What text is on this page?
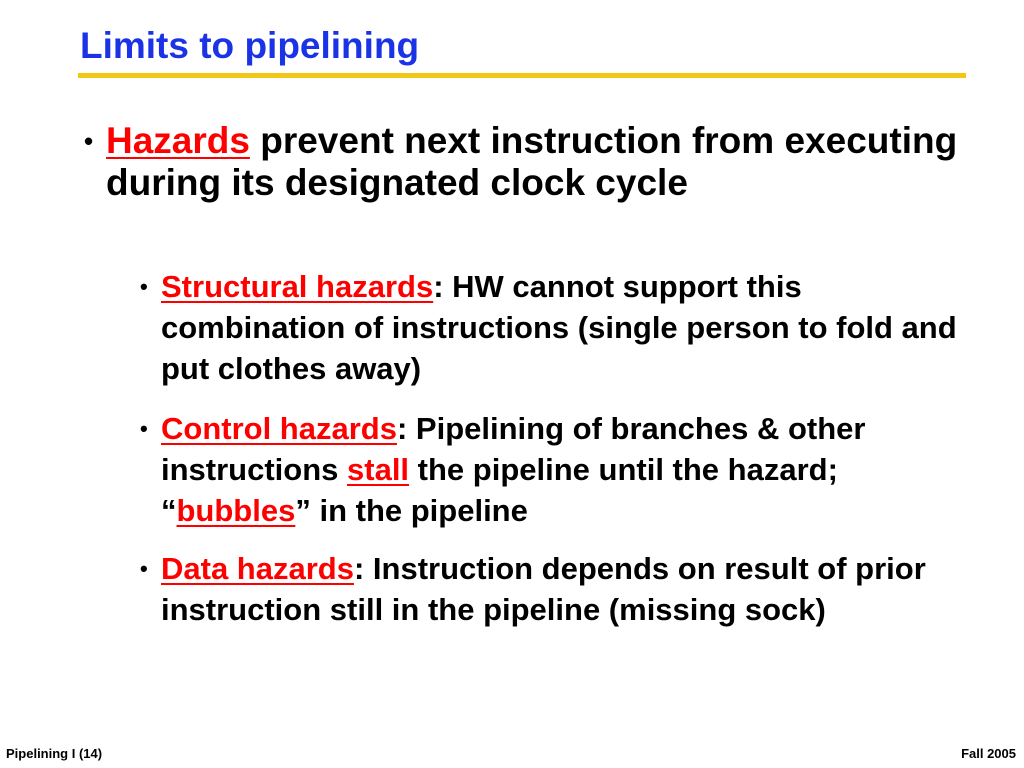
Limits to pipelining
• Hazards prevent next instruction from executing during its designated clock cycle
• Structural hazards: HW cannot support this combination of instructions (single person to fold and put clothes away)
• Control hazards: Pipelining of branches & other instructions stall the pipeline until the hazard; “bubbles” in the pipeline
• Data hazards: Instruction depends on result of prior instruction still in the pipeline (missing sock)
Pipelining I (14)	Fall 2005
